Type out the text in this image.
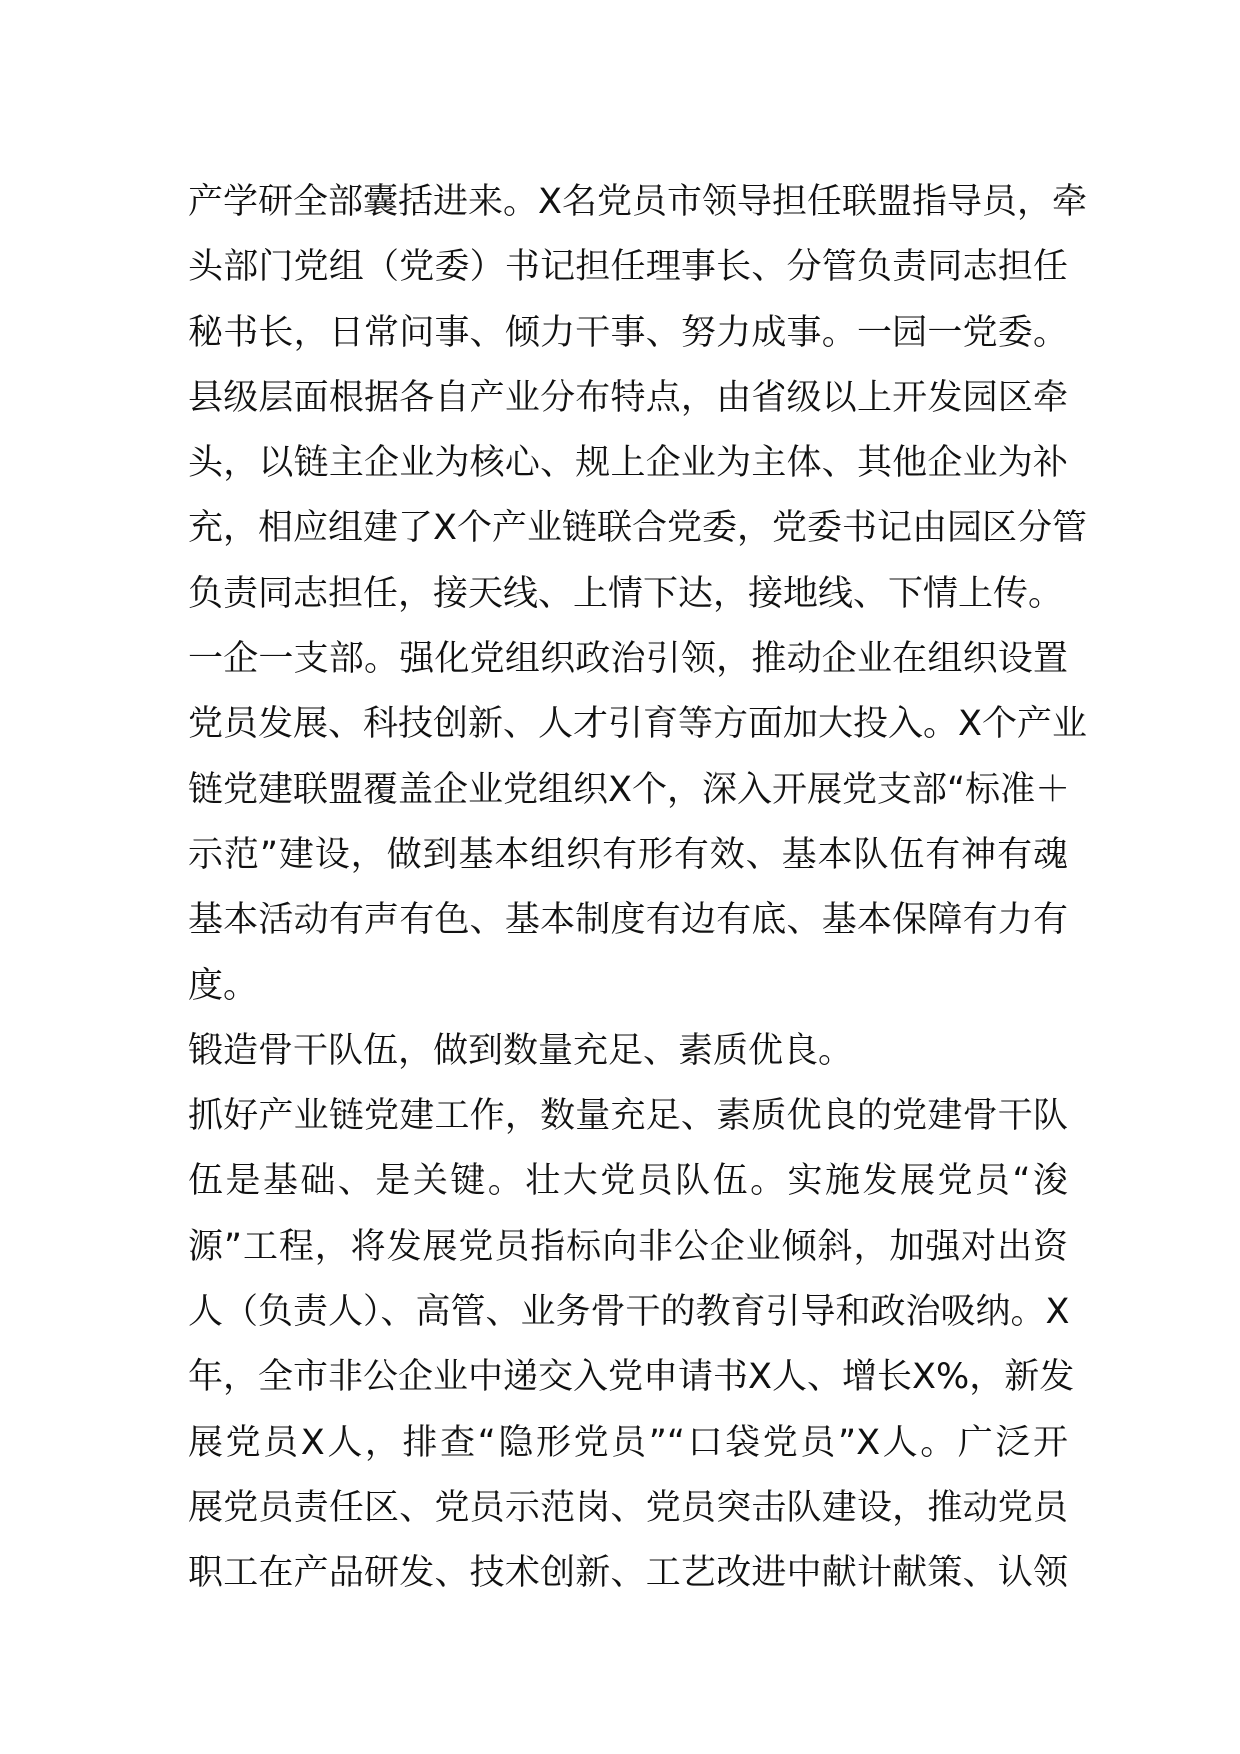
产学研全部囊括进来。X名党员市领导担任联盟指导员，牵
头部门党组（党委）书记担任理事长、分管负责同志担任
秘书长，日常问事、倾力干事、努力成事。一园一党委。
县级层面根据各自产业分布特点，由省级以上开发园区牵
头，以链主企业为核心、规上企业为主体、其他企业为补
充，相应组建了X个产业链联合党委，党委书记由园区分管
负责同志担任，接天线、上情下达，接地线、下情上传。
一企一支部。强化党组织政治引领，推动企业在组织设置
党员发展、科技创新、人才引育等方面加大投入。X个产业
链党建联盟覆盖企业党组织X个，深入开展党支部“标准＋
示范”建设，做到基本组织有形有效、基本队伍有神有魂
基本活动有声有色、基本制度有边有底、基本保障有力有
度。
锻造骨干队伍，做到数量充足、素质优良。
抓好产业链党建工作，数量充足、素质优良的党建骨干队
伍是基础、是关键。壮大党员队伍。实施发展党员“浚
源”工程，将发展党员指标向非公企业倾斜，加强对出资
人（负责人）、高管、业务骨干的教育引导和政治吸纳。X
年，全市非公企业中递交入党申请书X人、增长X%，新发
展党员X人，排查“隐形党员”“口袋党员”X人。广泛开
展党员责任区、党员示范岗、党员突击队建设，推动党员
职工在产品研发、技术创新、工艺改进中献计献策、认领
